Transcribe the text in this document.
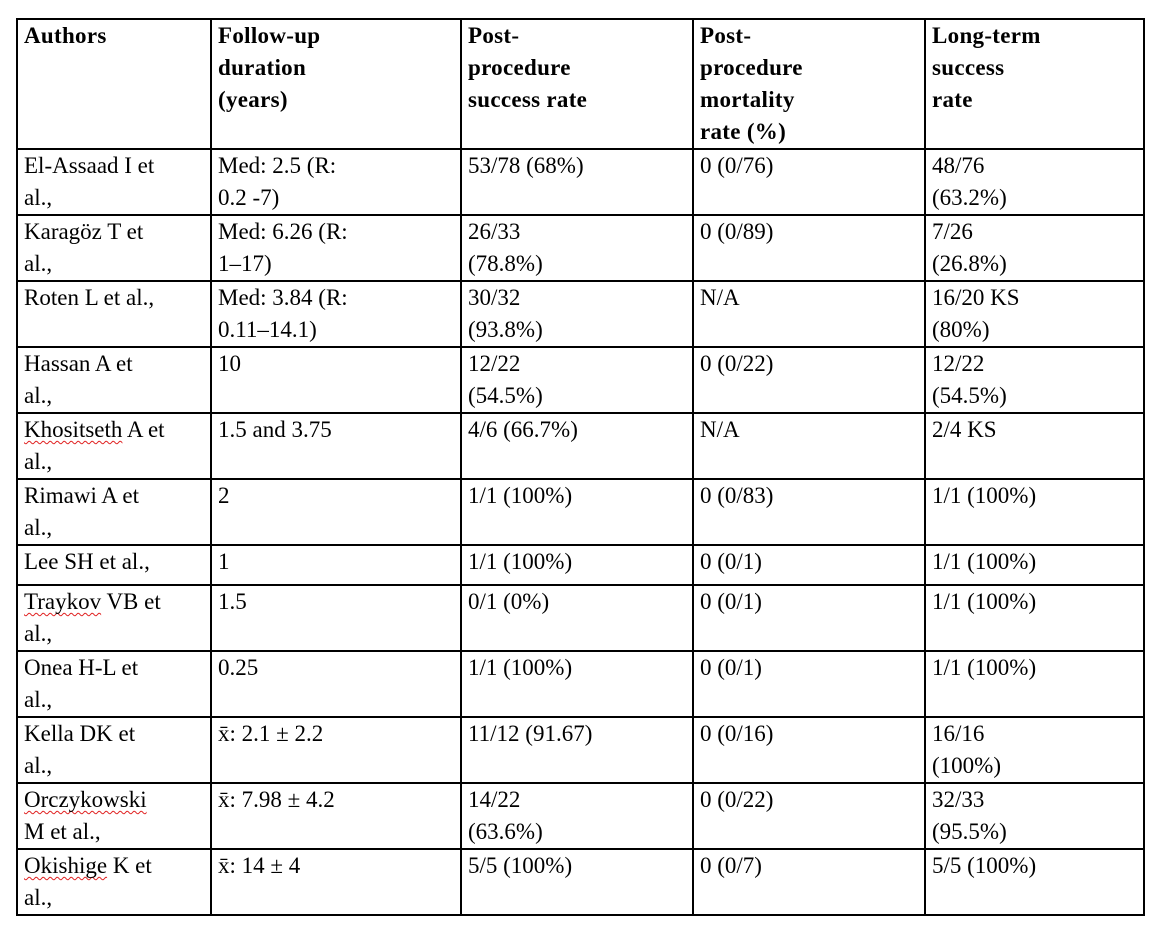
Authors	Follow-up
duration
(years)	Post-
procedure
success rate	Post-
procedure
mortality
rate (%)	Long-term
success
rate

El-Assaad I et
al.,	Med: 2.5 (R:
0.2 -7)	53/78 (68%)	0 (0/76)	48/76
(63.2%)

Karagöz T et
al.,	Med: 6.26 (R:
1–17)	26/33
(78.8%)	0 (0/89)	7/26
(26.8%)

Roten L et al.,	Med: 3.84 (R:
0.11–14.1)	30/32
(93.8%)	N/A	16/20 KS
(80%)

Hassan A et
al.,	10	12/22
(54.5%)	0 (0/22)	12/22
(54.5%)

Khositseth A et
al.,	1.5 and 3.75	4/6 (66.7%)	N/A	2/4 KS

Rimawi A et
al.,	2	1/1 (100%)	0 (0/83)	1/1 (100%)

Lee SH et al.,	1	1/1 (100%)	0 (0/1)	1/1 (100%)

Traykov VB et
al.,	1.5	0/1 (0%)	0 (0/1)	1/1 (100%)

Onea H-L et
al.,	0.25	1/1 (100%)	0 (0/1)	1/1 (100%)

Kella DK et
al.,	x̄: 2.1 ± 2.2	11/12 (91.67)	0 (0/16)	16/16
(100%)

Orczykowski
M et al.,	x̄: 7.98 ± 4.2	14/22
(63.6%)	0 (0/22)	32/33
(95.5%)

Okishige K et
al.,	x̄: 14 ± 4	5/5 (100%)	0 (0/7)	5/5 (100%)
